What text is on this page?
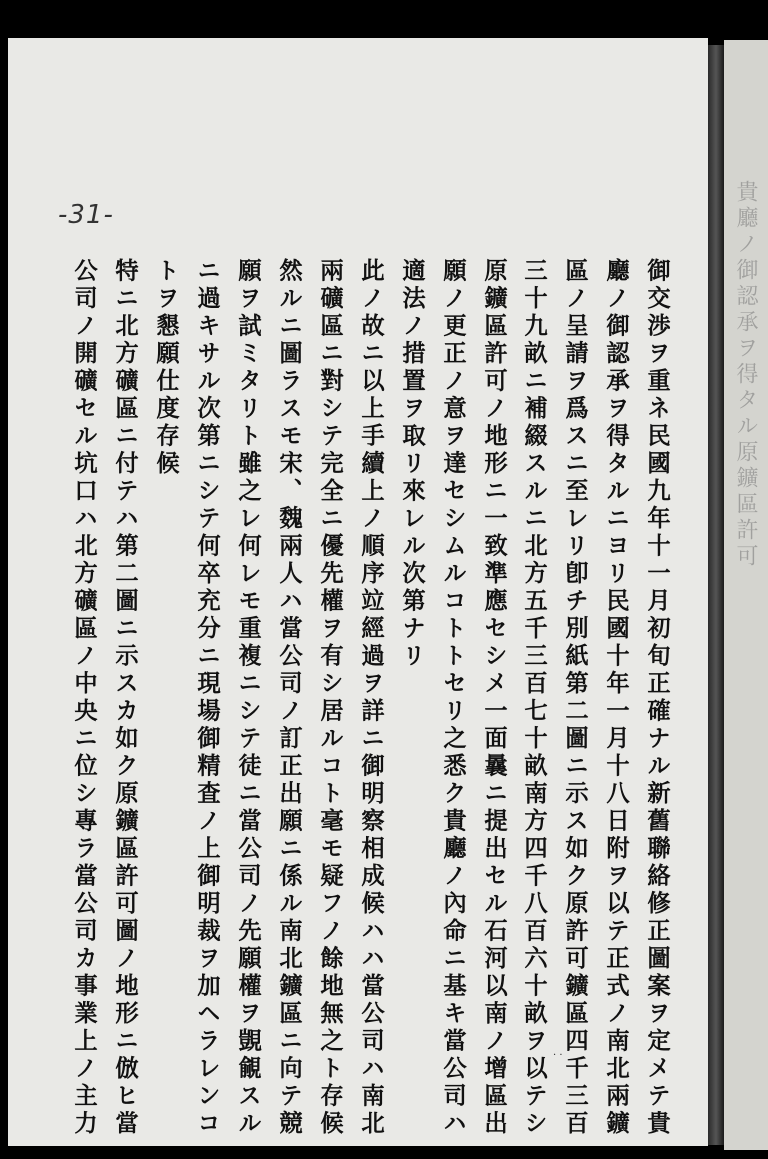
貴廳ノ御認承ヲ得タル原鑛區許可
-31-
御交渉ヲ重ネ民國九年十一月初旬正確ナル新舊聯絡修正圖案ヲ定メテ貴
廳ノ御認承ヲ得タルニヨリ民國十年一月十八日附ヲ以テ正式ノ南北兩鑛
區ノ呈請ヲ爲スニ至レリ卽チ別紙第二圖ニ示ス如ク原許可鑛區四千三百
三十九畝ニ補綴スルニ北方五千三百七十畝南方四千八百六十畝ヲ以テシ
原鑛區許可ノ地形ニ一致準應セシメ一面曩ニ提出セル石河以南ノ增區出
願ノ更正ノ意ヲ達セシムルコトトセリ之悉ク貴廳ノ內命ニ基キ當公司ハ
適法ノ措置ヲ取リ來レル次第ナリ
此ノ故ニ以上手續上ノ順序竝經過ヲ詳ニ御明察相成候ハハ當公司ハ南北
兩礦區ニ對シテ完全ニ優先權ヲ有シ居ルコト毫モ疑フノ餘地無之ト存候
然ルニ圖ラスモ宋、魏兩人ハ當公司ノ訂正出願ニ係ル南北鑛區ニ向テ競
願ヲ試ミタリト雖之レ何レモ重複ニシテ徒ニ當公司ノ先願權ヲ覬覦スル
ニ過キサル次第ニシテ何卒充分ニ現場御精査ノ上御明裁ヲ加ヘラレンコ
トヲ懇願仕度存候
特ニ北方礦區ニ付テハ第二圖ニ示スカ如ク原鑛區許可圖ノ地形ニ倣ヒ當
公司ノ開礦セル坑口ハ北方礦區ノ中央ニ位シ專ラ當公司カ事業上ノ主力	· ·
